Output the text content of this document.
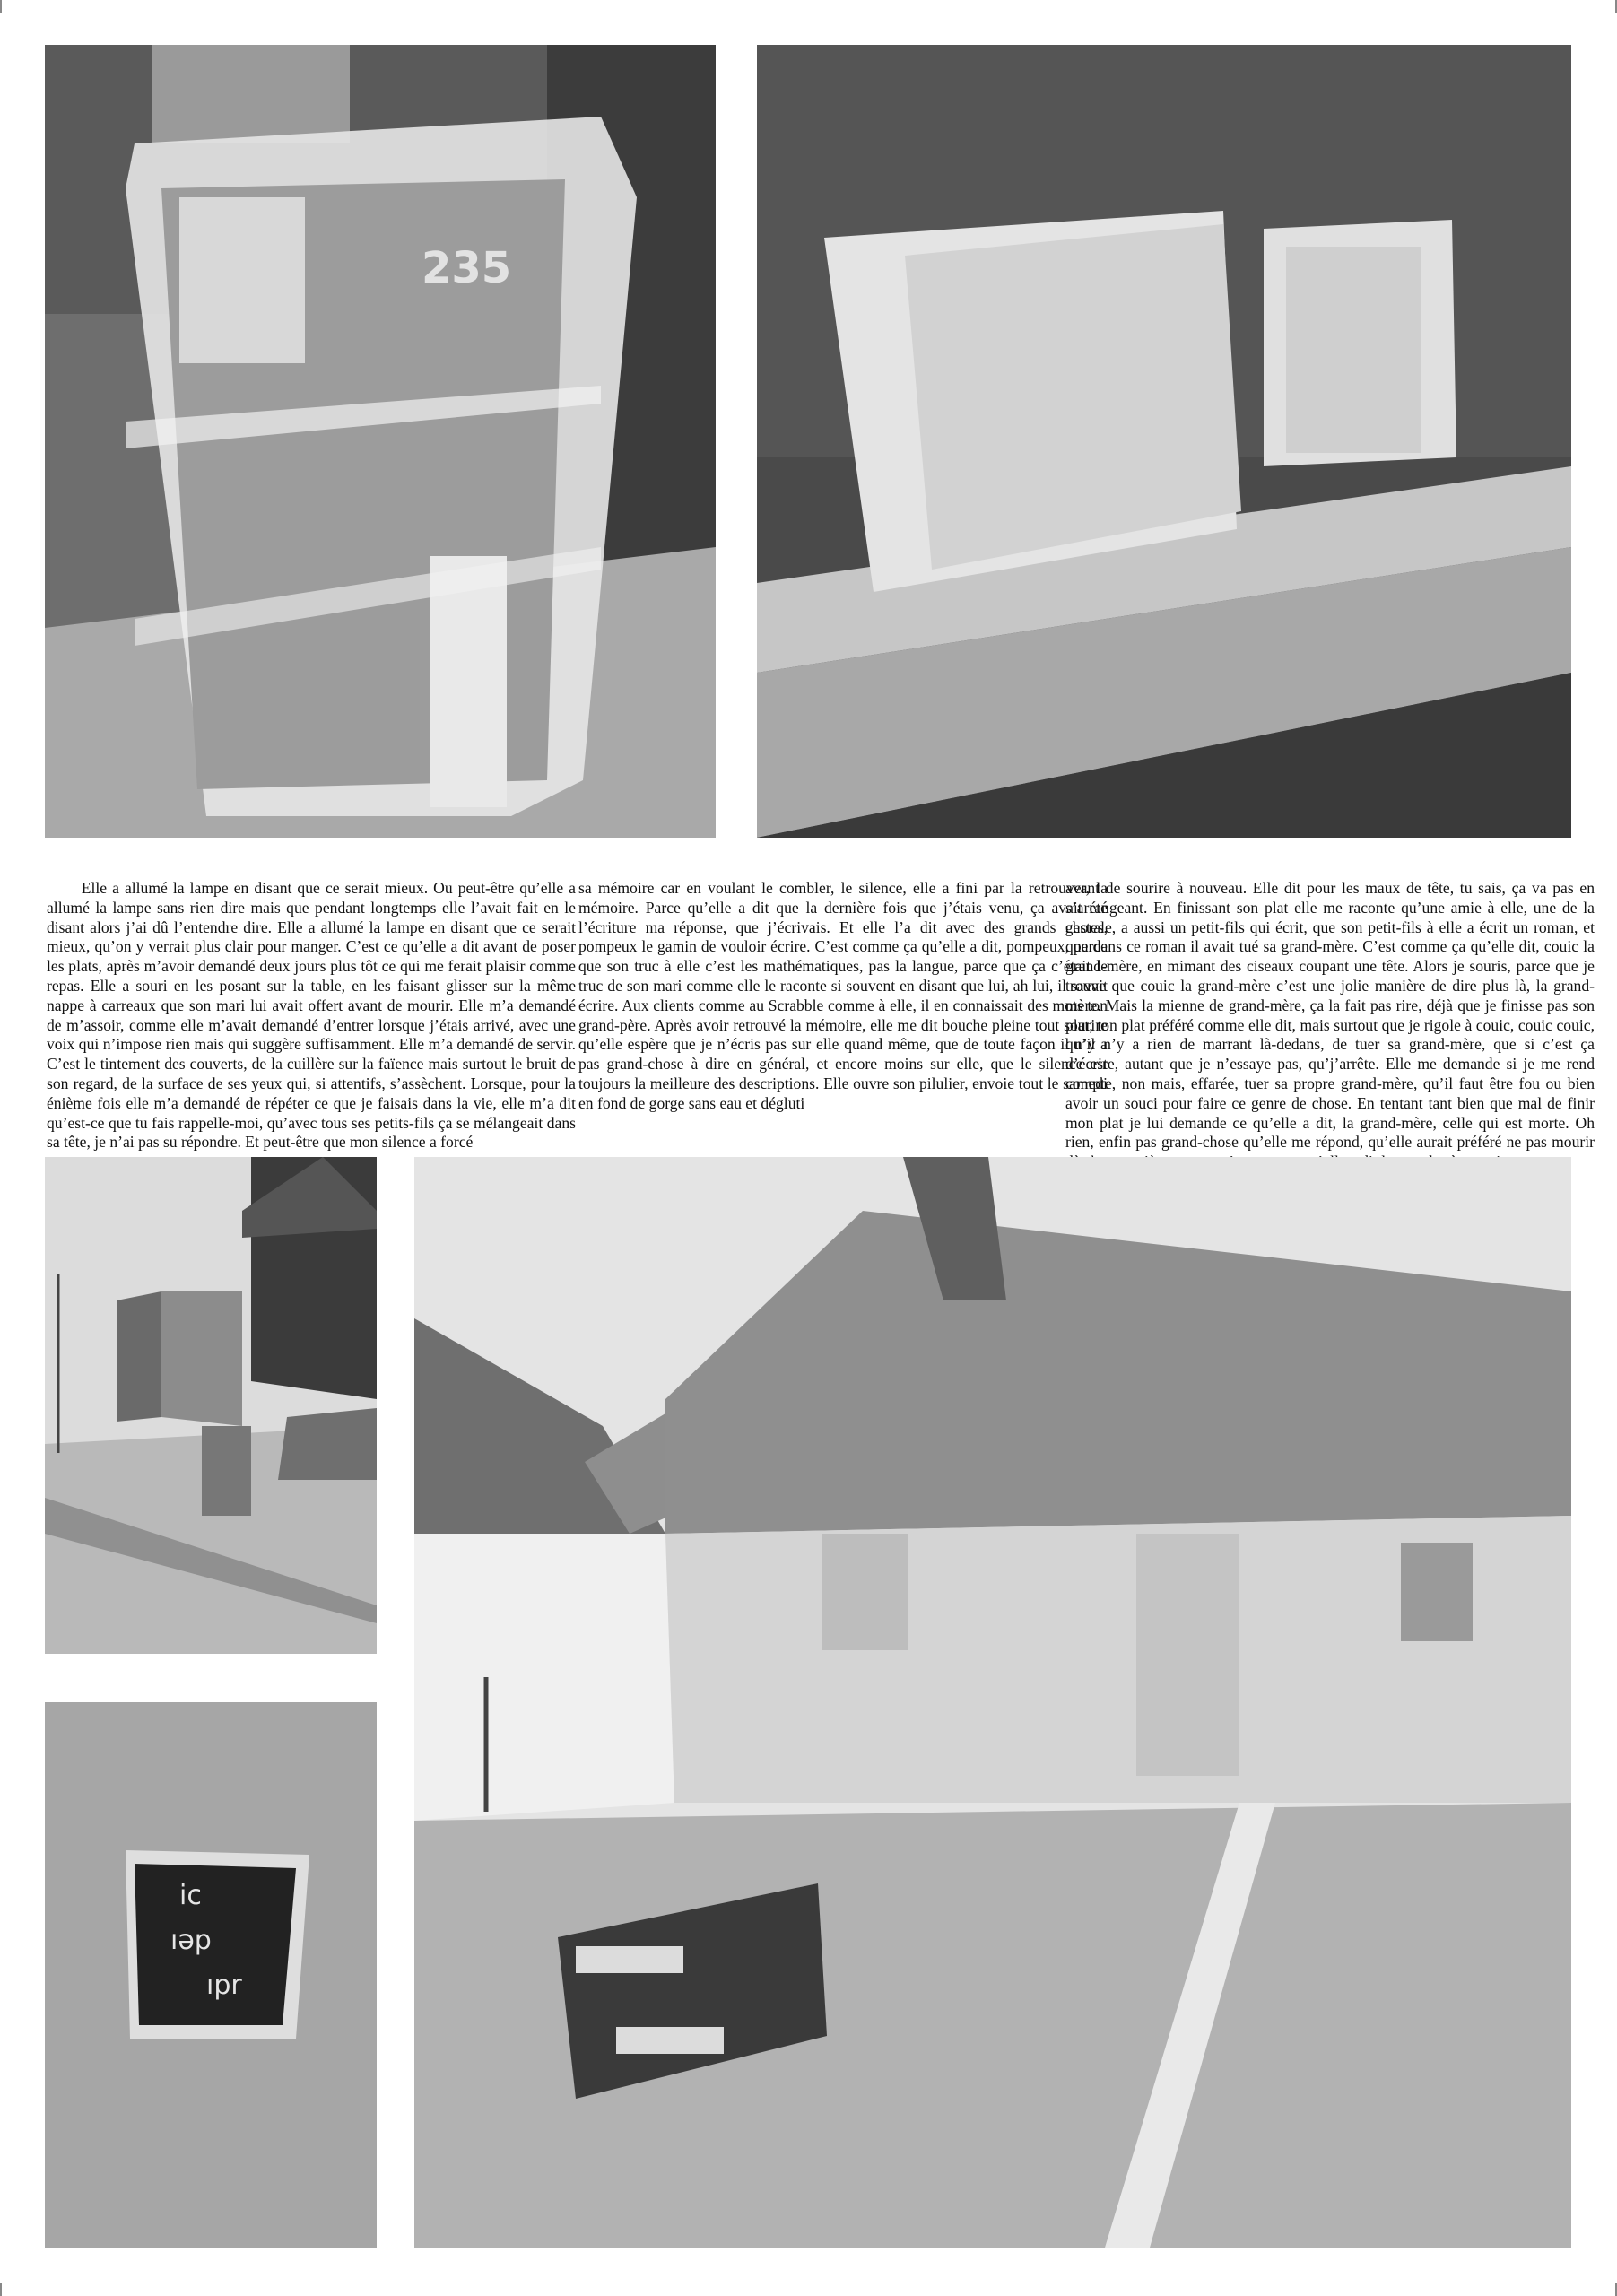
235
Elle a allumé la lampe en disant que ce serait mieux. Ou peut-être qu’elle a allumé la lampe sans rien dire mais que pendant longtemps elle l’avait fait en le disant alors j’ai dû l’entendre dire. Elle a allumé la lampe en disant que ce serait mieux, qu’on y verrait plus clair pour manger. C’est ce qu’elle a dit avant de poser les plats, après m’avoir demandé deux jours plus tôt ce qui me ferait plaisir comme repas. Elle a souri en les posant sur la table, en les faisant glisser sur la même nappe à carreaux que son mari lui avait offert avant de mourir. Elle m’a demandé de m’assoir, comme elle m’avait demandé d’entrer lorsque j’étais arrivé, avec une voix qui n’impose rien mais qui suggère suffisamment. Elle m’a demandé de servir. C’est le tintement des couverts, de la cuillère sur la faïence mais surtout le bruit de son regard, de la surface de ses yeux qui, si attentifs, s’assèchent. Lorsque, pour la énième fois elle m’a demandé de répéter ce que je faisais dans la vie, elle m’a dit qu’est-ce que tu fais rappelle-moi, qu’avec tous ses petits-fils ça se mélangeait dans sa tête, je n’ai pas su répondre. Et peut-être que mon silence a forcé
sa mémoire car en voulant le combler, le silence, elle a fini par la retrouver, la mémoire. Parce qu’elle a dit que la dernière fois que j’étais venu, ça avait été l’écriture ma réponse, que j’écrivais. Et elle l’a dit avec des grands gestes, pompeux le gamin de vouloir écrire. C’est comme ça qu’elle a dit, pompeux, parce que son truc à elle c’est les mathématiques, pas la langue, parce que ça c’était le truc de son mari comme elle le raconte si souvent en disant que lui, ah lui, il savait écrire. Aux clients comme au Scrabble comme à elle, il en connaissait des mots ton grand-père. Après avoir retrouvé la mémoire, elle me dit bouche pleine tout sourire qu’elle espère que je n’écris pas sur elle quand même, que de toute façon il n’y a pas grand-chose à dire en général, et encore moins sur elle, que le silence est toujours la meilleure des descriptions. Elle ouvre son pilulier, envoie tout le samedi en fond de gorge sans eau et dégluti
avant de sourire à nouveau. Elle dit pour les maux de tête, tu sais, ça va pas en s’arrangeant. En finissant son plat elle me raconte qu’une amie à elle, une de la chorale, a aussi un petit-fils qui écrit, que son petit-fils à elle a écrit un roman, et que dans ce roman il avait tué sa grand-mère. C’est comme ça qu’elle dit, couic la grand-mère, en mimant des ciseaux coupant une tête. Alors je souris, parce que je trouve que couic la grand-mère c’est une jolie manière de dire plus là, la grand-mère. Mais la mienne de grand-mère, ça la fait pas rire, déjà que je finisse pas son plat, ton plat préféré comme elle dit, mais surtout que je rigole à couic, couic couic, qu’il n’y a rien de marrant là-dedans, de tuer sa grand-mère, que si c’est ça d’écrire, autant que je n’essaye pas, qu’j’arrête. Elle me demande si je me rend compte, non mais, effarée, tuer sa propre grand-mère, qu’il faut être fou ou bien avoir un souci pour faire ce genre de chose. En tentant tant bien que mal de finir mon plat je lui demande ce qu’elle a dit, la grand-mère, celle qui est morte. Oh rien, enfin pas grand-chose qu’elle me répond, qu’elle aurait préféré ne pas mourir
ic
ıəp
ıpr
